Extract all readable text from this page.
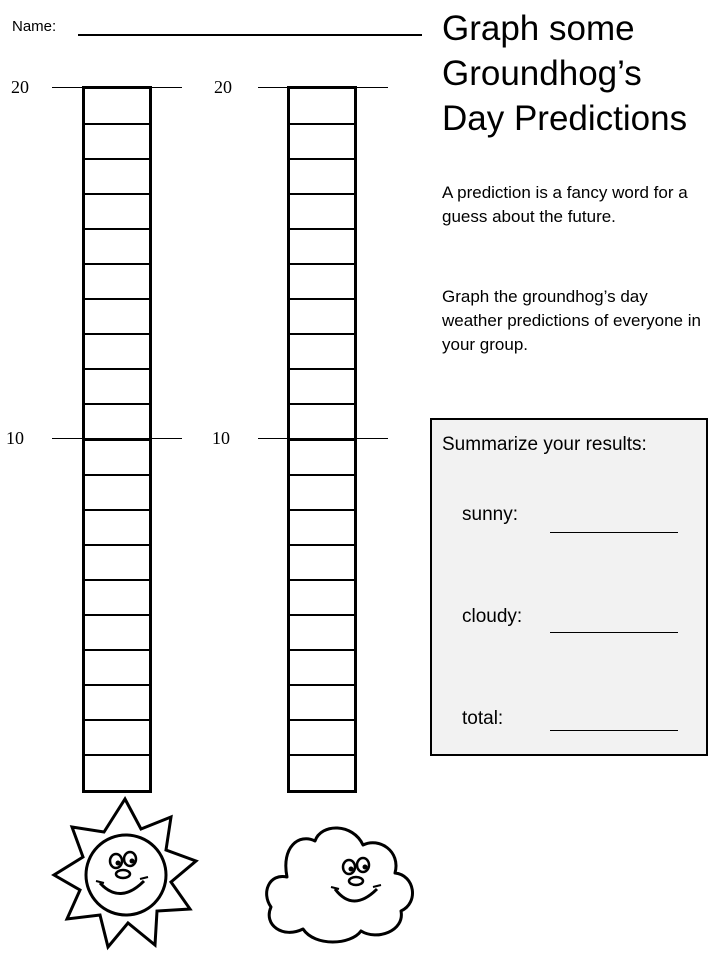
Name:	Graph some
Groundhog’s
Day Predictions

A prediction is a fancy word for a guess about the future.

Graph the groundhog’s day weather predictions of everyone in your group.

20
10
20
10	Summarize your results:
sunny:
cloudy:
total:
